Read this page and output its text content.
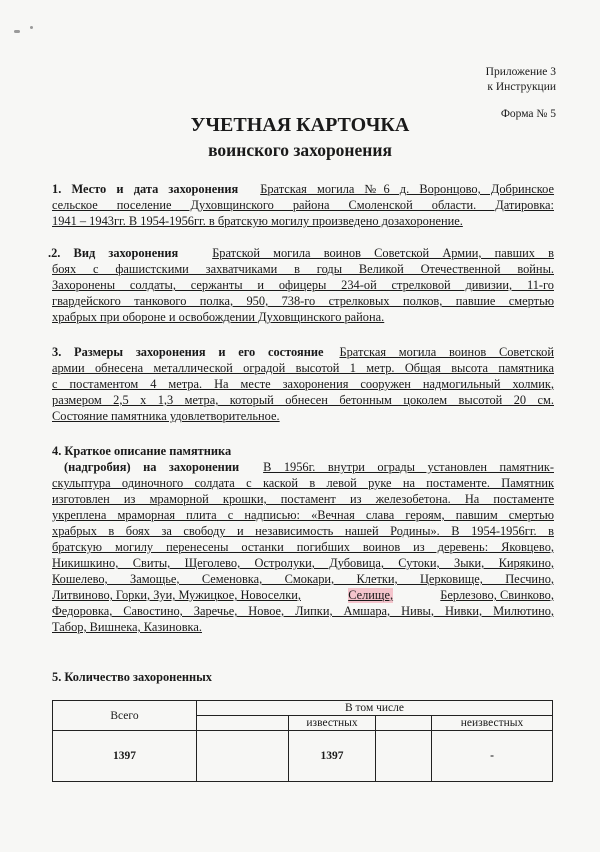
Приложение 3
к Инструкции
Форма № 5
УЧЕТНАЯ КАРТОЧКА
воинского захоронения
1. Место и дата захоронения Братская могила №6 д. Воронцово, Добринское
сельское поселение Духовщинского района Смоленской области. Датировка:
1941 – 1943гг. В 1954-1956гг. в братскую могилу произведено дозахоронение.
.2. Вид захоронения	Братской могила воинов Советской Армии, павших в
боях с фашистскими захватчиками в годы Великой Отечественной войны.
Захоронены солдаты, сержанты и офицеры 234-ой стрелковой дивизии, 11-го
гвардейского танкового полка, 950, 738-го стрелковых полков, павшие смертью
храбрых при обороне и освобождении Духовщинского района.
3. Размеры захоронения и его состояние Братская могила воинов Советской
армии обнесена металлической оградой высотой 1 метр. Общая высота памятника
с постаментом 4 метра. На месте захоронения сооружен надмогильный холмик,
размером 2,5 х 1,3 метра, который обнесен бетонным цоколем высотой 20 см.
Состояние памятника удовлетворительное.
4. Краткое описание памятника
(надгробия) на захоронении В 1956г. внутри ограды установлен памятник-
скульптура одиночного солдата с каской в левой руке на постаменте. Памятник
изготовлен из мраморной крошки, постамент из железобетона. На постаменте
укреплена мраморная плита с надписью: «Вечная слава героям, павшим смертью
храбрых в боях за свободу и независимость нашей Родины». В 1954-1956гг. в
братскую могилу перенесены останки погибших воинов из деревень: Яковцево,
Никишкино, Свиты, Щеголево, Остролуки, Дубовица, Сутоки, Зыки, Кирякино,
Кошелево, Замощье, Семеновка, Смокари, Клетки, Церковище, Песчино,
Литвиново, Горки, Зуи, Мужицкое, Новоселки,	Селище,	Берлезово, Свинково,
Федоровка, Савостино, Заречье, Новое, Липки, Амшара, Нивы, Нивки, Милютино,
Табор, Вишнека, Казиновка.
5. Количество захороненных
Всего	В том числе			
		известных		неизвестных
1397		1397		-
